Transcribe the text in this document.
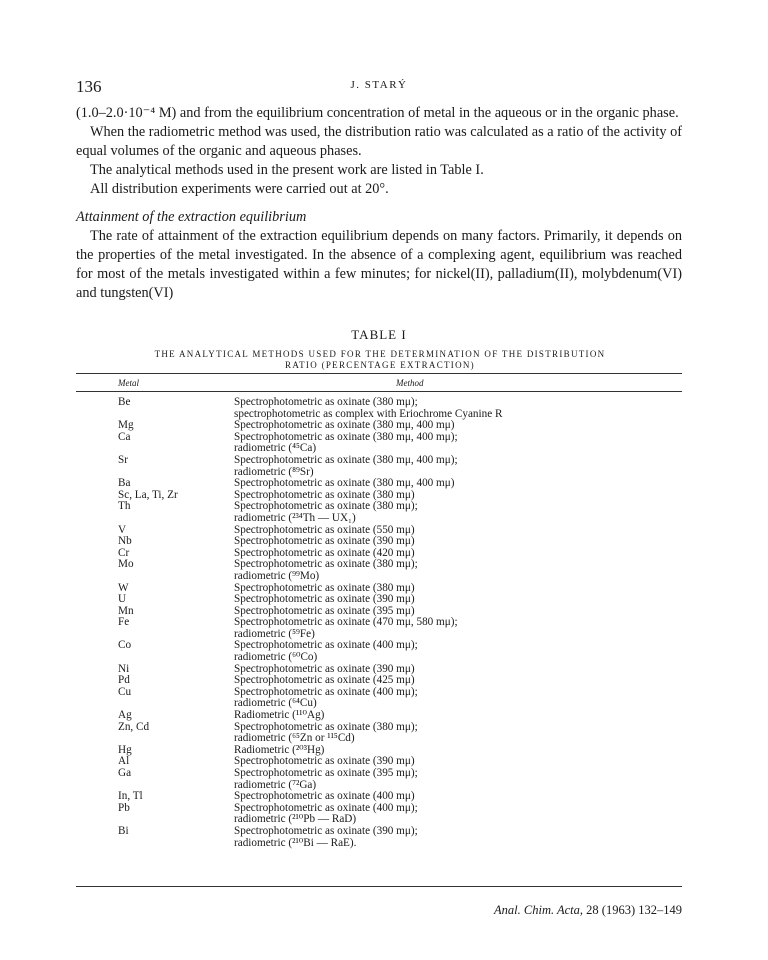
136	J. STARÝ

(1.0–2.0·10⁻⁴ M) and from the equilibrium concentration of metal in the aqueous or in the organic phase.

When the radiometric method was used, the distribution ratio was calculated as a ratio of the activity of equal volumes of the organic and aqueous phases.

The analytical methods used in the present work are listed in Table I.

All distribution experiments were carried out at 20°.

Attainment of the extraction equilibrium

The rate of attainment of the extraction equilibrium depends on many factors. Primarily, it depends on the properties of the metal investigated. In the absence of a complexing agent, equilibrium was reached for most of the metals investigated within a few minutes; for nickel(II), palladium(II), molybdenum(VI) and tungsten(VI)

TABLE I
THE ANALYTICAL METHODS USED FOR THE DETERMINATION OF THE DISTRIBUTION RATIO (PERCENTAGE EXTRACTION)
Metal	Method
Be	Spectrophotometric as oxinate (380 mμ);
spectrophotometric as complex with Eriochrome Cyanine R
Mg	Spectrophotometric as oxinate (380 mμ, 400 mμ)
Ca	Spectrophotometric as oxinate (380 mμ, 400 mμ);
radiometric (⁴⁵Ca)
Sr	Spectrophotometric as oxinate (380 mμ, 400 mμ);
radiometric (⁸⁹Sr)
Ba	Spectrophotometric as oxinate (380 mμ, 400 mμ)
Sc, La, Ti, Zr	Spectrophotometric as oxinate (380 mμ)
Th	Spectrophotometric as oxinate (380 mμ);
radiometric (²³⁴Th — UX₁)
V	Spectrophotometric as oxinate (550 mμ)
Nb	Spectrophotometric as oxinate (390 mμ)
Cr	Spectrophotometric as oxinate (420 mμ)
Mo	Spectrophotometric as oxinate (380 mμ);
radiometric (⁹⁹Mo)
W	Spectrophotometric as oxinate (380 mμ)
U	Spectrophotometric as oxinate (390 mμ)
Mn	Spectrophotometric as oxinate (395 mμ)
Fe	Spectrophotometric as oxinate (470 mμ, 580 mμ);
radiometric (⁵⁹Fe)
Co	Spectrophotometric as oxinate (400 mμ);
radiometric (⁶⁰Co)
Ni	Spectrophotometric as oxinate (390 mμ)
Pd	Spectrophotometric as oxinate (425 mμ)
Cu	Spectrophotometric as oxinate (400 mμ);
radiometric (⁶⁴Cu)
Ag	Radiometric (¹¹⁰Ag)
Zn, Cd	Spectrophotometric as oxinate (380 mμ);
radiometric (⁶⁵Zn or ¹¹⁵Cd)
Hg	Radiometric (²⁰³Hg)
Al	Spectrophotometric as oxinate (390 mμ)
Ga	Spectrophotometric as oxinate (395 mμ);
radiometric (⁷²Ga)
In, Tl	Spectrophotometric as oxinate (400 mμ)
Pb	Spectrophotometric as oxinate (400 mμ);
radiometric (²¹⁰Pb — RaD)
Bi	Spectrophotometric as oxinate (390 mμ);
radiometric (²¹⁰Bi — RaE).
Anal. Chim. Acta, 28 (1963) 132–149
